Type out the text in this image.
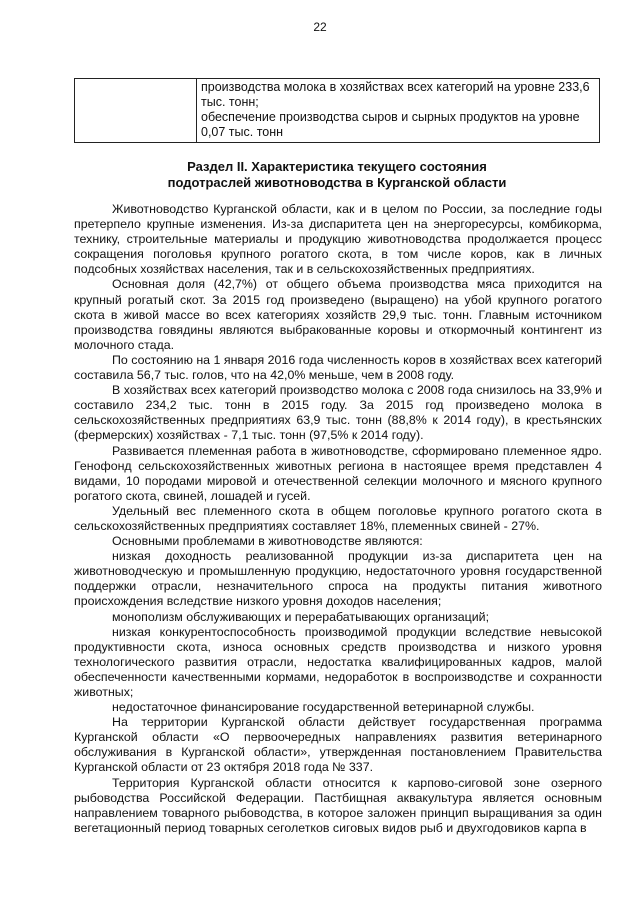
22

производства молока в хозяйствах всех категорий на уровне 233,6 тыс. тонн;
обеспечение производства сыров и сырных продуктов на уровне 0,07 тыс. тонн
Раздел II. Характеристика текущего состояния
подотраслей животноводства в Курганской области

Животноводство Курганской области, как и в целом по России, за последние годы претерпело крупные изменения. Из-за диспаритета цен на энергоресурсы, комбикорма, технику, строительные материалы и продукцию животноводства продолжается процесс сокращения поголовья крупного рогатого скота, в том числе коров, как в личных подсобных хозяйствах населения, так и в сельскохозяйственных предприятиях.

Основная доля (42,7%) от общего объема производства мяса приходится на крупный рогатый скот. За 2015 год произведено (выращено) на убой крупного рогатого скота в живой массе во всех категориях хозяйств 29,9 тыс. тонн. Главным источником производства говядины являются выбракованные коровы и откормочный контингент из молочного стада.

По состоянию на 1 января 2016 года численность коров в хозяйствах всех категорий составила 56,7 тыс. голов, что на 42,0% меньше, чем в 2008 году.

В хозяйствах всех категорий производство молока с 2008 года снизилось на 33,9% и составило 234,2 тыс. тонн в 2015 году. За 2015 год произведено молока в сельскохозяйственных предприятиях 63,9 тыс. тонн (88,8% к 2014 году), в крестьянских (фермерских) хозяйствах - 7,1 тыс. тонн (97,5% к 2014 году).

Развивается племенная работа в животноводстве, сформировано племенное ядро. Генофонд сельскохозяйственных животных региона в настоящее время представлен 4 видами, 10 породами мировой и отечественной селекции молочного и мясного крупного рогатого скота, свиней, лошадей и гусей.

Удельный вес племенного скота в общем поголовье крупного рогатого скота в сельскохозяйственных предприятиях составляет 18%, племенных свиней - 27%.

Основными проблемами в животноводстве являются:

низкая доходность реализованной продукции из-за диспаритета цен на животноводческую и промышленную продукцию, недостаточного уровня государственной поддержки отрасли, незначительного спроса на продукты питания животного происхождения вследствие низкого уровня доходов населения;

монополизм обслуживающих и перерабатывающих организаций;

низкая конкурентоспособность производимой продукции вследствие невысокой продуктивности скота, износа основных средств производства и низкого уровня технологического развития отрасли, недостатка квалифицированных кадров, малой обеспеченности качественными кормами, недоработок в воспроизводстве и сохранности животных;

недостаточное финансирование государственной ветеринарной службы.

На территории Курганской области действует государственная программа Курганской области «О первоочередных направлениях развития ветеринарного обслуживания в Курганской области», утвержденная постановлением Правительства Курганской области от 23 октября 2018 года № 337.

Территория Курганской области относится к карпово-сиговой зоне озерного рыбоводства Российской Федерации. Пастбищная аквакультура является основным направлением товарного рыбоводства, в которое заложен принцип выращивания за один вегетационный период товарных сеголетков сиговых видов рыб и двухгодовиков карпа в
